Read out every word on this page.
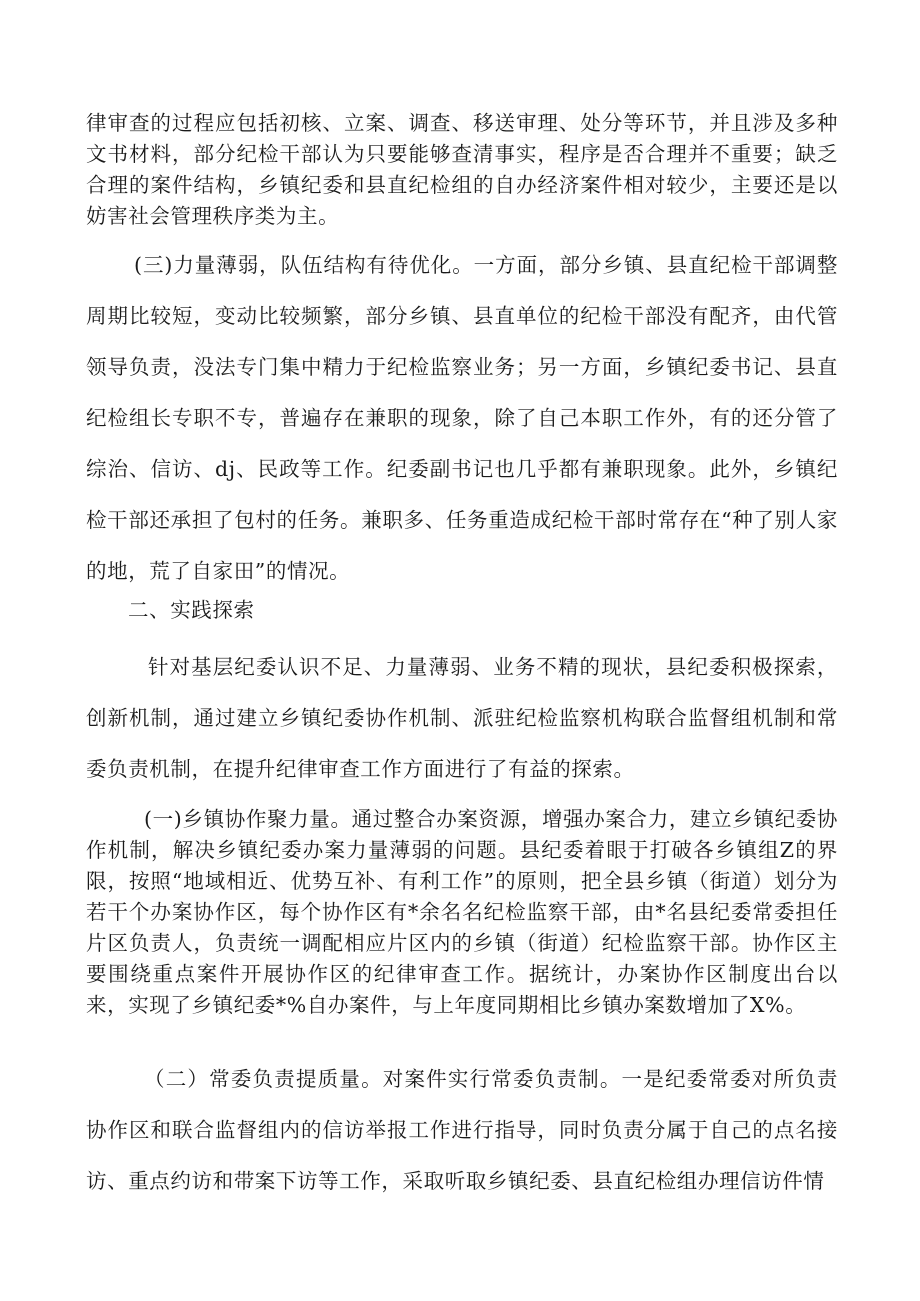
律审查的过程应包括初核、立案、调查、移送审理、处分等环节，并且涉及多种文书材料，部分纪检干部认为只要能够查清事实，程序是否合理并不重要；缺乏合理的案件结构，乡镇纪委和县直纪检组的自办经济案件相对较少，主要还是以妨害社会管理秩序类为主。

(三)力量薄弱，队伍结构有待优化。一方面，部分乡镇、县直纪检干部调整周期比较短，变动比较频繁，部分乡镇、县直单位的纪检干部没有配齐，由代管领导负责，没法专门集中精力于纪检监察业务；另一方面，乡镇纪委书记、县直纪检组长专职不专，普遍存在兼职的现象，除了自己本职工作外，有的还分管了综治、信访、dj、民政等工作。纪委副书记也几乎都有兼职现象。此外，乡镇纪检干部还承担了包村的任务。兼职多、任务重造成纪检干部时常存在“种了别人家的地，荒了自家田”的情况。

二、实践探索

针对基层纪委认识不足、力量薄弱、业务不精的现状，县纪委积极探索，创新机制，通过建立乡镇纪委协作机制、派驻纪检监察机构联合监督组机制和常委负责机制，在提升纪律审查工作方面进行了有益的探索。

(一)乡镇协作聚力量。通过整合办案资源，增强办案合力，建立乡镇纪委协作机制，解决乡镇纪委办案力量薄弱的问题。县纪委着眼于打破各乡镇组Z的界限，按照“地域相近、优势互补、有利工作”的原则，把全县乡镇（街道）划分为若干个办案协作区，每个协作区有*余名名纪检监察干部，由*名县纪委常委担任片区负责人，负责统一调配相应片区内的乡镇（街道）纪检监察干部。协作区主要围绕重点案件开展协作区的纪律审查工作。据统计，办案协作区制度出台以来，实现了乡镇纪委*%自办案件，与上年度同期相比乡镇办案数增加了X%。

（二）常委负责提质量。对案件实行常委负责制。一是纪委常委对所负责协作区和联合监督组内的信访举报工作进行指导，同时负责分属于自己的点名接访、重点约访和带案下访等工作，采取听取乡镇纪委、县直纪检组办理信访件情
